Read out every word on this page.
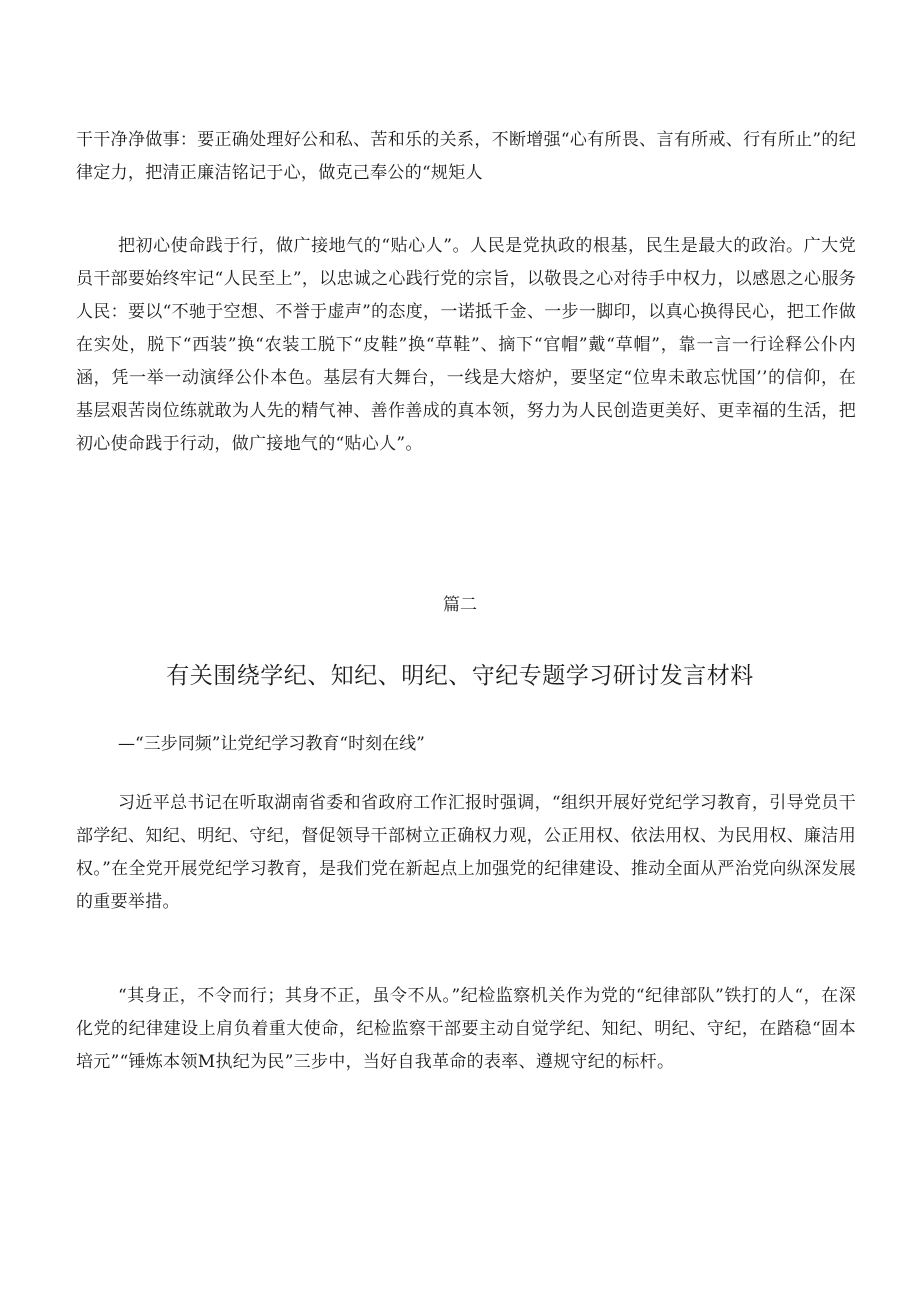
干干净净做事：要正确处理好公和私、苦和乐的关系，不断增强“心有所畏、言有所戒、行有所止”的纪律定力，把清正廉洁铭记于心，做克己奉公的“规矩人

把初心使命践于行，做广接地气的“贴心人”。人民是党执政的根基，民生是最大的政治。广大党员干部要始终牢记“人民至上”，以忠诚之心践行党的宗旨，以敬畏之心对待手中权力，以感恩之心服务人民：要以“不驰于空想、不誉于虚声”的态度，一诺抵千金、一步一脚印，以真心换得民心，把工作做在实处，脱下“西装”换“农装工脱下“皮鞋”换“草鞋”、摘下“官帽”戴“草帽”，靠一言一行诠释公仆内涵，凭一举一动演绎公仆本色。基层有大舞台，一线是大熔炉，要坚定“位卑未敢忘忧国’’的信仰，在基层艰苦岗位练就敢为人先的精气神、善作善成的真本领，努力为人民创造更美好、更幸福的生活，把初心使命践于行动，做广接地气的“贴心人”。

篇二

有关围绕学纪、知纪、明纪、守纪专题学习研讨发言材料

—“三步同频”让党纪学习教育“时刻在线”

习近平总书记在听取湖南省委和省政府工作汇报时强调，“组织开展好党纪学习教育，引导党员干部学纪、知纪、明纪、守纪，督促领导干部树立正确权力观，公正用权、依法用权、为民用权、廉洁用权。”在全党开展党纪学习教育，是我们党在新起点上加强党的纪律建设、推动全面从严治党向纵深发展的重要举措。

“其身正，不令而行；其身不正，虽令不从。”纪检监察机关作为党的“纪律部队”铁打的人“，在深化党的纪律建设上肩负着重大使命，纪检监察干部要主动自觉学纪、知纪、明纪、守纪，在踏稳“固本培元”“锤炼本领M执纪为民”三步中，当好自我革命的表率、遵规守纪的标杆。
